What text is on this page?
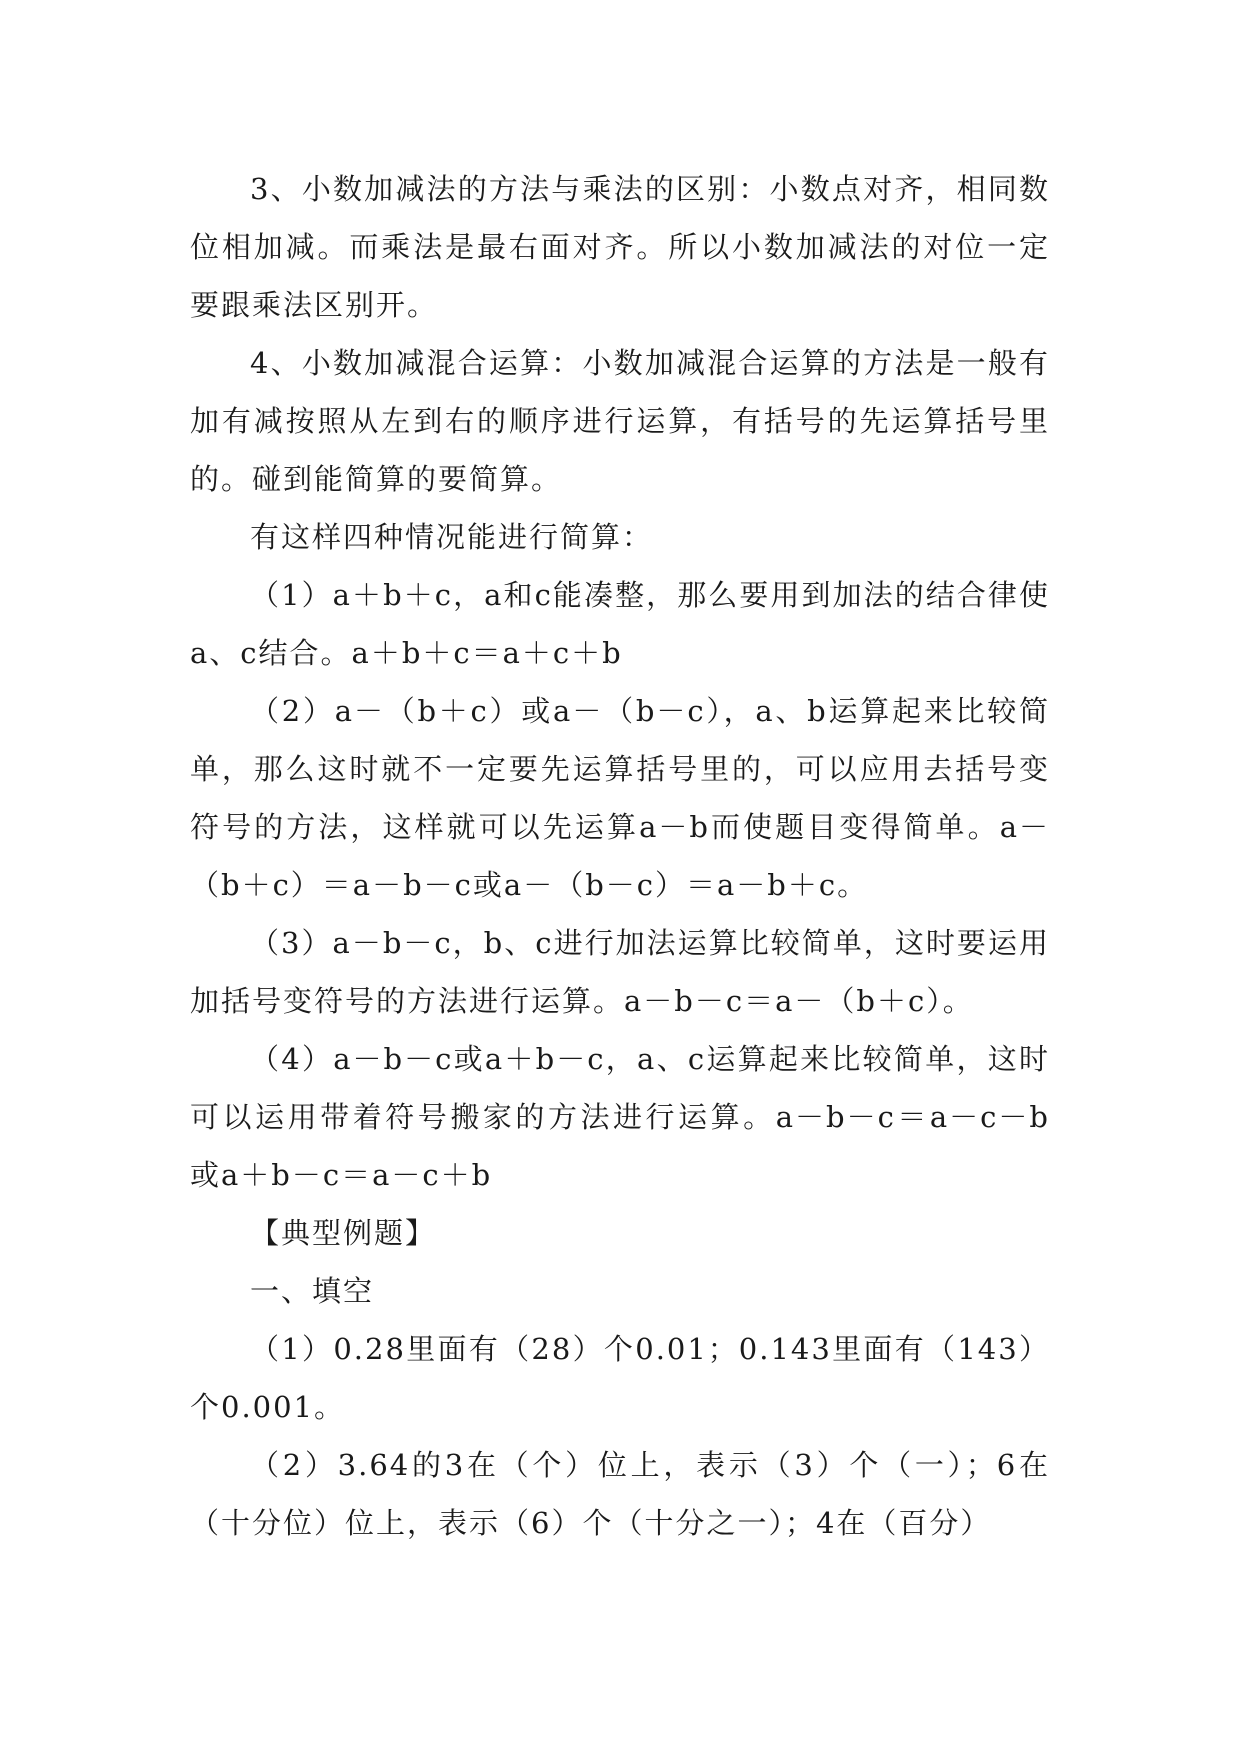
3、小数加减法的方法与乘法的区别：小数点对齐，相同数位相加减。而乘法是最右面对齐。所以小数加减法的对位一定要跟乘法区别开。

4、小数加减混合运算：小数加减混合运算的方法是一般有加有减按照从左到右的顺序进行运算，有括号的先运算括号里的。碰到能简算的要简算。

有这样四种情况能进行简算：

（1）a＋b＋c，a和c能凑整，那么要用到加法的结合律使a、c结合。a＋b＋c＝a＋c＋b

（2）a－（b＋c）或a－（b－c），a、b运算起来比较简单，那么这时就不一定要先运算括号里的，可以应用去括号变符号的方法，这样就可以先运算a－b而使题目变得简单。a－（b＋c）＝a－b－c或a－（b－c）＝a－b＋c。

（3）a－b－c，b、c进行加法运算比较简单，这时要运用加括号变符号的方法进行运算。a－b－c＝a－（b＋c）。

（4）a－b－c或a＋b－c，a、c运算起来比较简单，这时可以运用带着符号搬家的方法进行运算。a－b－c＝a－c－b或a＋b－c＝a－c＋b

【典型例题】

一、填空

（1）0.28里面有（28）个0.01；0.143里面有（143）个0.001。

（2）3.64的3在（个）位上，表示（3）个（一）；6在（十分位）位上，表示（6）个（十分之一）；4在（百分）
